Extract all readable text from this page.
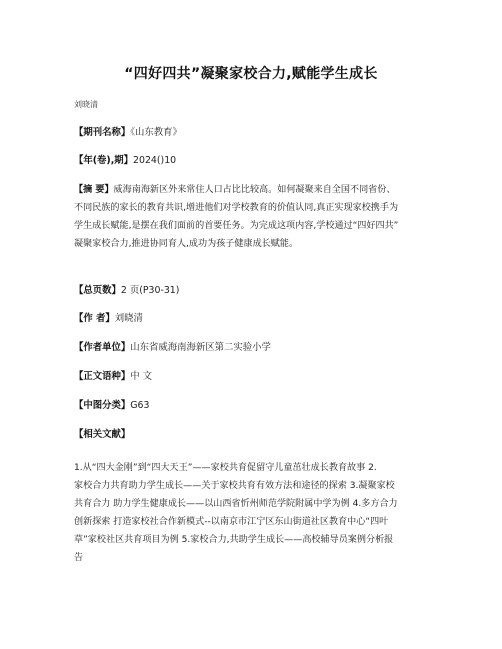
“四好四共”凝聚家校合力,赋能学生成长
刘晓清
【期刊名称】《山东教育》
【年(卷),期】2024()10
【摘 要】威海南海新区外来常住人口占比比较高。如何凝聚来自全国不同省份、
不同民族的家长的教育共识,增进他们对学校教育的价值认同,真正实现家校携手为
学生成长赋能,是摆在我们面前的首要任务。为完成这项内容,学校通过“四好四共”
凝聚家校合力,推进协同育人,成功为孩子健康成长赋能。
【总页数】2 页(P30-31)
【作 者】刘晓清
【作者单位】山东省威海南海新区第二实验小学
【正文语种】中 文
【中图分类】G63
【相关文献】
1.从“四大金刚”到“四大天王”——家校共育促留守儿童茁壮成长教育故事 2.
家校合力共育助力学生成长——关于家校共育有效方法和途径的探索 3.凝聚家校
共育合力 助力学生健康成长——以山西省忻州师范学院附属中学为例 4.多方合力
创新探索 打造家校社合作新模式--以南京市江宁区东山街道社区教育中心“四叶
草”家校社区共育项目为例 5.家校合力,共助学生成长——高校辅导员案例分析报
告
